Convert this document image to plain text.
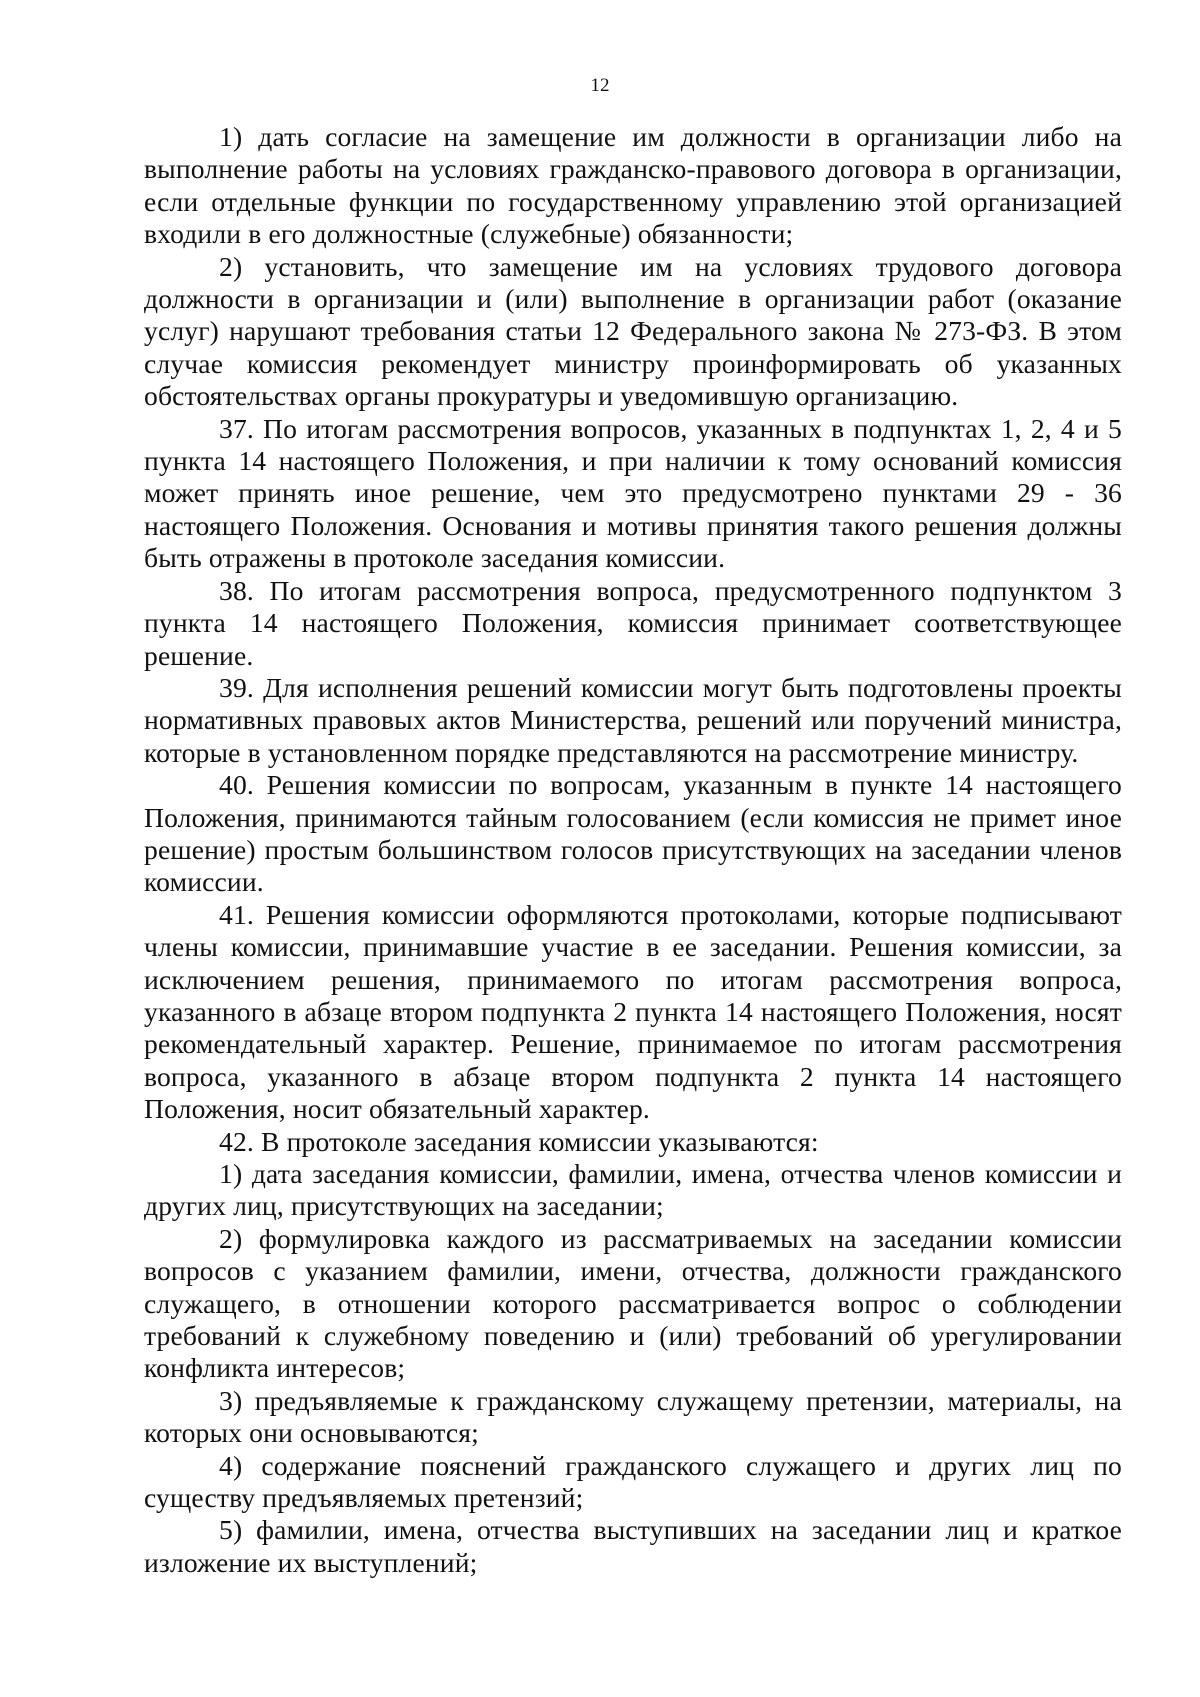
12

1) дать согласие на замещение им должности в организации либо на выполнение работы на условиях гражданско-правового договора в организации, если отдельные функции по государственному управлению этой организацией входили в его должностные (служебные) обязанности;

2) установить, что замещение им на условиях трудового договора должности в организации и (или) выполнение в организации работ (оказание услуг) нарушают требования статьи 12 Федерального закона № 273-ФЗ. В этом случае комиссия рекомендует министру проинформировать об указанных обстоятельствах органы прокуратуры и уведомившую организацию.

37. По итогам рассмотрения вопросов, указанных в подпунктах 1, 2, 4 и 5 пункта 14 настоящего Положения, и при наличии к тому оснований комиссия может принять иное решение, чем это предусмотрено пунктами 29 - 36 настоящего Положения. Основания и мотивы принятия такого решения должны быть отражены в протоколе заседания комиссии.

38. По итогам рассмотрения вопроса, предусмотренного подпунктом 3 пункта 14 настоящего Положения, комиссия принимает соответствующее решение.

39. Для исполнения решений комиссии могут быть подготовлены проекты нормативных правовых актов Министерства, решений или поручений министра, которые в установленном порядке представляются на рассмотрение министру.

40. Решения комиссии по вопросам, указанным в пункте 14 настоящего Положения, принимаются тайным голосованием (если комиссия не примет иное решение) простым большинством голосов присутствующих на заседании членов комиссии.

41. Решения комиссии оформляются протоколами, которые подписывают члены комиссии, принимавшие участие в ее заседании. Решения комиссии, за исключением решения, принимаемого по итогам рассмотрения вопроса, указанного в абзаце втором подпункта 2 пункта 14 настоящего Положения, носят рекомендательный характер. Решение, принимаемое по итогам рассмотрения вопроса, указанного в абзаце втором подпункта 2 пункта 14 настоящего Положения, носит обязательный характер.

42. В протоколе заседания комиссии указываются:

1) дата заседания комиссии, фамилии, имена, отчества членов комиссии и других лиц, присутствующих на заседании;

2) формулировка каждого из рассматриваемых на заседании комиссии вопросов с указанием фамилии, имени, отчества, должности гражданского служащего, в отношении которого рассматривается вопрос о соблюдении требований к служебному поведению и (или) требований об урегулировании конфликта интересов;

3) предъявляемые к гражданскому служащему претензии, материалы, на которых они основываются;

4) содержание пояснений гражданского служащего и других лиц по существу предъявляемых претензий;

5) фамилии, имена, отчества выступивших на заседании лиц и краткое изложение их выступлений;
